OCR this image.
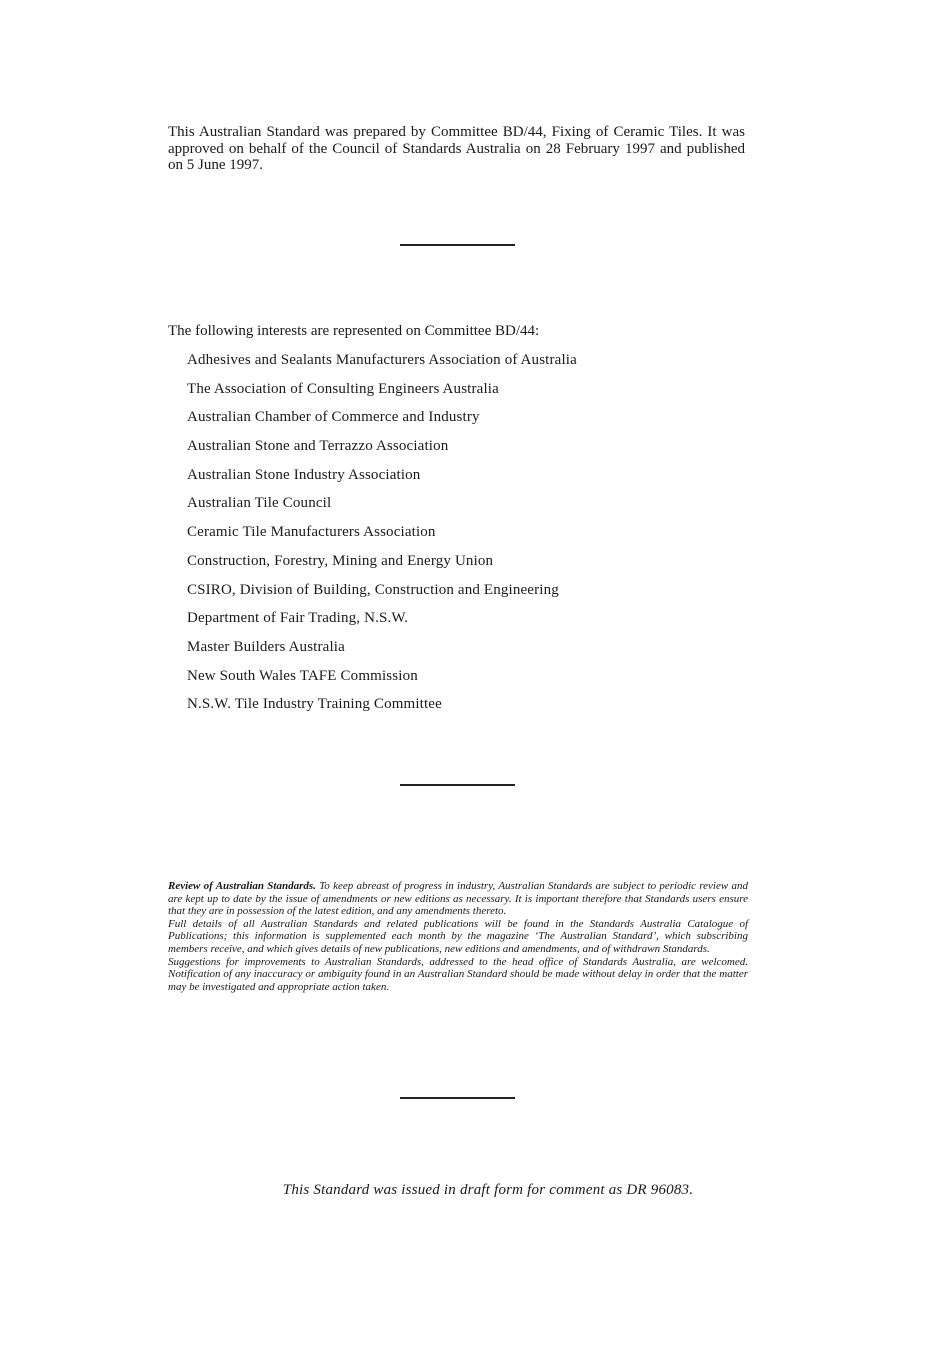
This Australian Standard was prepared by Committee BD/44, Fixing of Ceramic Tiles. It was approved on behalf of the Council of Standards Australia on 28 February 1997 and published on 5 June 1997.
The following interests are represented on Committee BD/44:
Adhesives and Sealants Manufacturers Association of Australia
The Association of Consulting Engineers Australia
Australian Chamber of Commerce and Industry
Australian Stone and Terrazzo Association
Australian Stone Industry Association
Australian Tile Council
Ceramic Tile Manufacturers Association
Construction, Forestry, Mining and Energy Union
CSIRO, Division of Building, Construction and Engineering
Department of Fair Trading, N.S.W.
Master Builders Australia
New South Wales TAFE Commission
N.S.W. Tile Industry Training Committee

Review of Australian Standards. To keep abreast of progress in industry, Australian Standards are subject to periodic review and are kept up to date by the issue of amendments or new editions as necessary. It is important therefore that Standards users ensure that they are in possession of the latest edition, and any amendments thereto.

Full details of all Australian Standards and related publications will be found in the Standards Australia Catalogue of Publications; this information is supplemented each month by the magazine ‘The Australian Standard’, which subscribing members receive, and which gives details of new publications, new editions and amendments, and of withdrawn Standards.

Suggestions for improvements to Australian Standards, addressed to the head office of Standards Australia, are welcomed. Notification of any inaccuracy or ambiguity found in an Australian Standard should be made without delay in order that the matter may be investigated and appropriate action taken.

This Standard was issued in draft form for comment as DR 96083.
